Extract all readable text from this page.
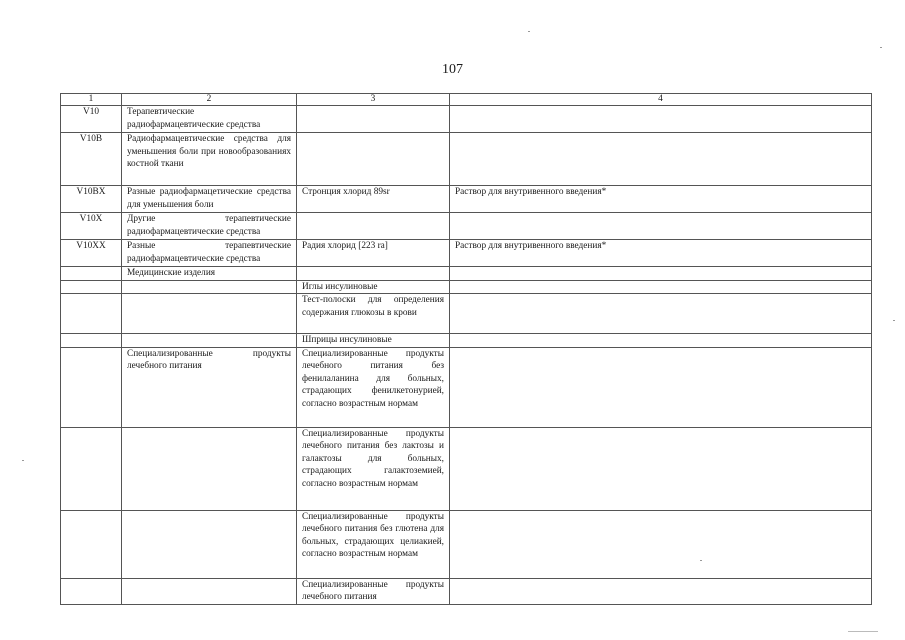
107
1	2	3	4
V10	Терапевтические радиофармацевтические средства		
V10B	Радиофармацевтические средства для уменьшения боли при новообразованиях костной ткани		
V10BX	Разные радиофармацетические средства для уменьшения боли	Стронция хлорид 89sr	Раствор для внутривенного введения*
V10X	Другие терапевтические радиофармацевтические средства		
V10XX	Разные терапевтические радиофармацевтические средства	Радия хлорид [223 ra]	Раствор для внутривенного введения*
	Медицинские изделия		
		Иглы инсулиновые	
		Тест-полоски для определения содержания глюкозы в крови	
		Шприцы инсулиновые	
	Специализированные продукты лечебного питания	Специализированные продукты лечебного питания без фенилаланина для больных, страдающих фенилкетонурией, согласно возрастным нормам	
		Специализированные продукты лечебного питания без лактозы и галактозы для больных, страдающих галактоземией, согласно возрастным нормам	
		Специализированные продукты лечебного питания без глютена для больных, страдающих целиакией, согласно возрастным нормам	
		Специализированные продукты лечебного питания	
